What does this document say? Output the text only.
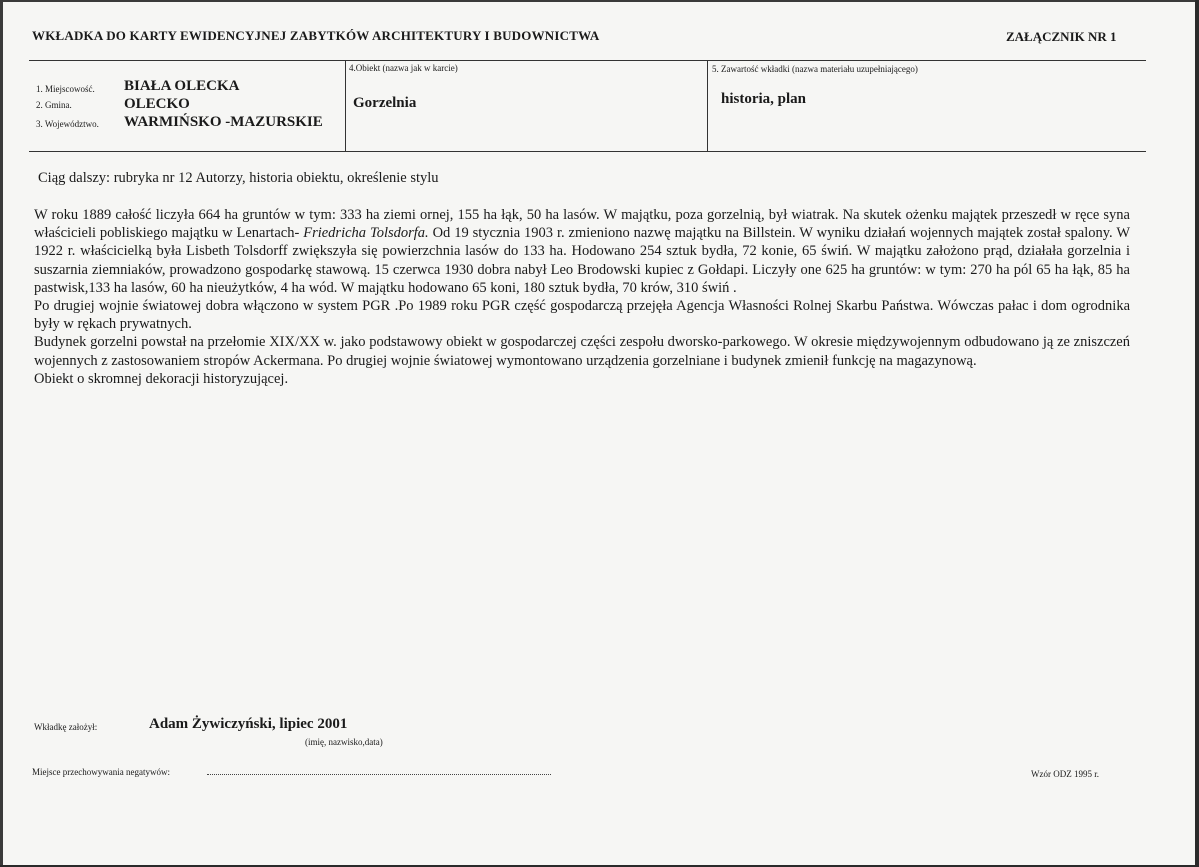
WKŁADKA DO KARTY EWIDENCYJNEJ ZABYTKÓW ARCHITEKTURY I BUDOWNICTWA	ZAŁĄCZNIK NR 1
1. Miejscowość. BIAŁA OLECKA
2. Gmina.	OLECKO
3. Województwo. WARMIŃSKO -MAZURSKIE
4.Obiekt (nazwa jak w karcie)
Gorzelnia
5. Zawartość wkładki (nazwa materiału uzupełniającego)
historia, plan
Ciąg dalszy: rubryka nr 12 Autorzy, historia obiektu, określenie stylu

W roku 1889 całość liczyła 664 ha gruntów w tym: 333 ha ziemi ornej, 155 ha łąk, 50 ha lasów. W majątku, poza gorzelnią, był wiatrak. Na skutek ożenku majątek przeszedł w ręce syna właścicieli pobliskiego majątku w Lenartach- Friedricha Tolsdorfa. Od 19 stycznia 1903 r. zmieniono nazwę majątku na Billstein. W wyniku działań wojennych majątek został spalony. W 1922 r. właścicielką była Lisbeth Tolsdorff zwiększyła się powierzchnia lasów do 133 ha. Hodowano 254 sztuk bydła, 72 konie, 65 świń. W majątku założono prąd, działała gorzelnia i suszarnia ziemniaków, prowadzono gospodarkę stawową. 15 czerwca 1930 dobra nabył Leo Brodowski kupiec z Gołdapi. Liczyły one 625 ha gruntów: w tym: 270 ha pól 65 ha łąk, 85 ha pastwisk,133 ha lasów, 60 ha nieużytków, 4 ha wód. W majątku hodowano 65 koni, 180 sztuk bydła, 70 krów, 310 świń .

Po drugiej wojnie światowej dobra włączono w system PGR .Po 1989 roku PGR część gospodarczą przejęła Agencja Własności Rolnej Skarbu Państwa. Wówczas pałac i dom ogrodnika były w rękach prywatnych.

Budynek gorzelni powstał na przełomie XIX/XX w. jako podstawowy obiekt w gospodarczej części zespołu dworsko-parkowego. W okresie międzywojennym odbudowano ją ze zniszczeń wojennych z zastosowaniem stropów Ackermana. Po drugiej wojnie światowej wymontowano urządzenia gorzelniane i budynek zmienił funkcję na magazynową.

Obiekt o skromnej dekoracji historyzującej.

Wkładkę założył:	Adam Żywiczyński, lipiec 2001
(imię, nazwisko,data)
Miejsce przechowywania negatywów:	Wzór ODZ 1995 r.
